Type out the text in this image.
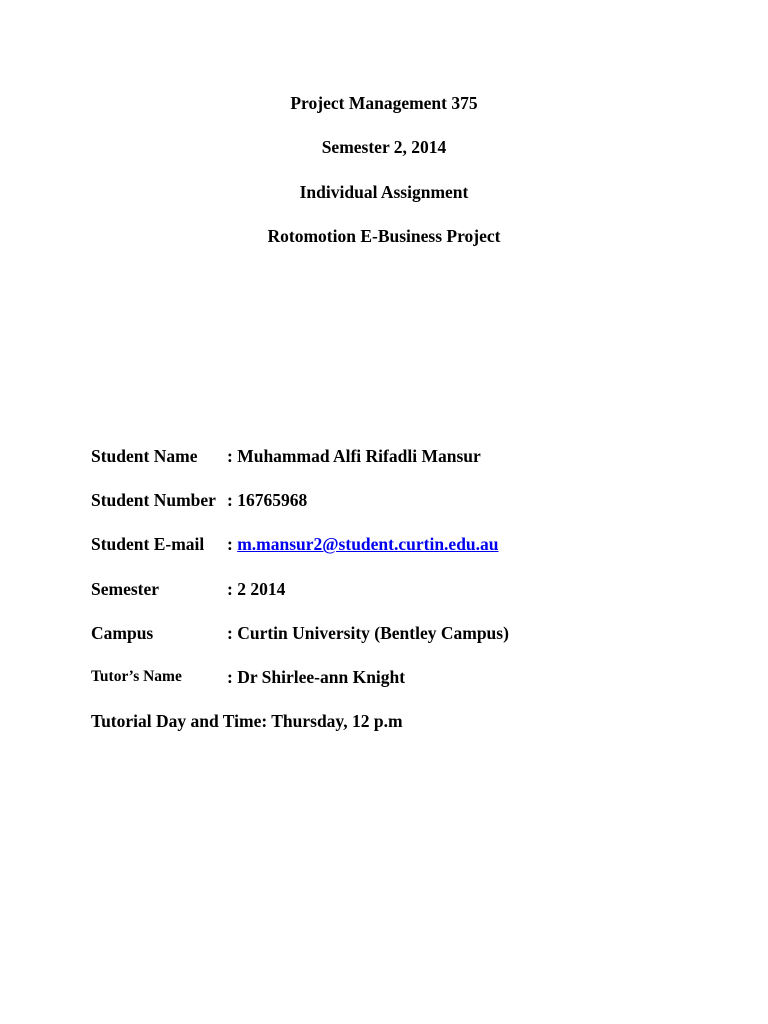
Project Management 375
Semester 2, 2014
Individual Assignment
Rotomotion E-Business Project
Student Name : Muhammad Alfi Rifadli Mansur
Student Number : 16765968
Student E-mail : m.mansur2@student.curtin.edu.au
Semester	: 2 2014
Campus	: Curtin University (Bentley Campus)
Tutor’s Name	: Dr Shirlee-ann Knight
Tutorial Day and Time: Thursday, 12 p.m
